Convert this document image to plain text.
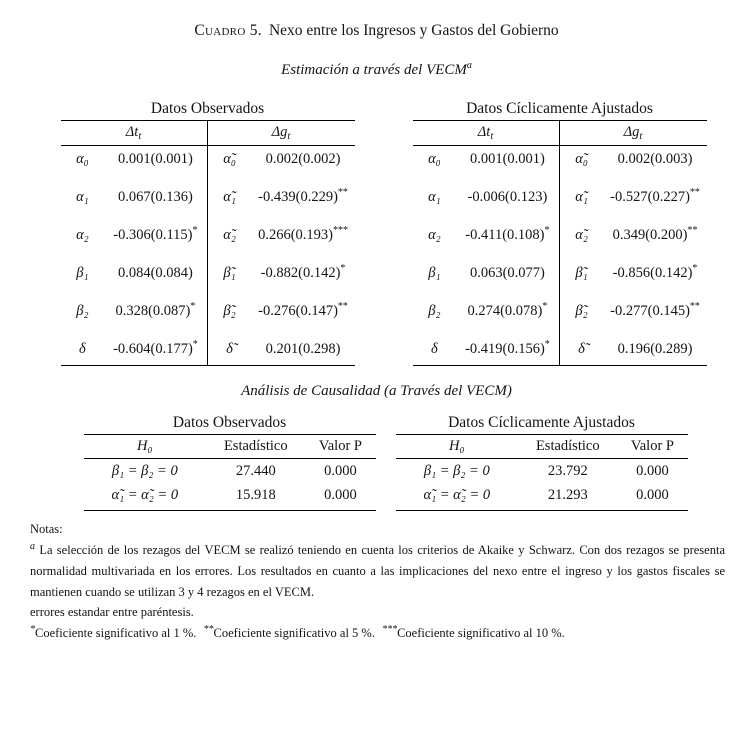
Cuadro 5. Nexo entre los Ingresos y Gastos del Gobierno
Estimación a través del VECM$^a$
Datos Observados
$\Delta t_t$	$\Delta g_t$
α₀	0.001(0.001)	α̃₀	0.002(0.002)
α₁	0.067(0.136)	α̃₁	-0.439(0.229)**
α₂	-0.306(0.115)*	α̃₂	0.266(0.193)***
β₁	0.084(0.084)	β̃₁	-0.882(0.142)*
β₂	0.328(0.087)*	β̃₂	-0.276(0.147)**
δ	-0.604(0.177)*	δ̃	0.201(0.298)
Datos Cíclicamente Ajustados
$\Delta t_t$	$\Delta g_t$
α₀	0.001(0.001)	α̃₀	0.002(0.003)
α₁	-0.006(0.123)	α̃₁	-0.527(0.227)**
α₂	-0.411(0.108)*	α̃₂	0.349(0.200)**
β₁	0.063(0.077)	β̃₁	-0.856(0.142)*
β₂	0.274(0.078)*	β̃₂	-0.277(0.145)**
δ	-0.419(0.156)*	δ̃	0.196(0.289)
Análisis de Causalidad (a Través del VECM)
Datos Observados
H₀	Estadístico	Valor P
β₁ = β₂ = 0	27.440	0.000
α̃₁ = α̃₂ = 0	15.918	0.000
Datos Cíclicamente Ajustados
H₀	Estadístico	Valor P
β₁ = β₂ = 0	23.792	0.000
α̃₁ = α̃₂ = 0	21.293	0.000
Notas:
$^a$ La selección de los rezagos del VECM se realizó teniendo en cuenta los criterios de Akaike y Schwarz. Con dos rezagos se presenta normalidad multivariada en los errores. Los resultados en cuanto a las implicaciones del nexo entre el ingreso y los gastos fiscales se mantienen cuando se utilizan 3 y 4 rezagos en el VECM.
errores estandar entre paréntesis.
*Coeficiente significativo al 1 %. **Coeficiente significativo al 5 %. ***Coeficiente significativo al 10 %.
